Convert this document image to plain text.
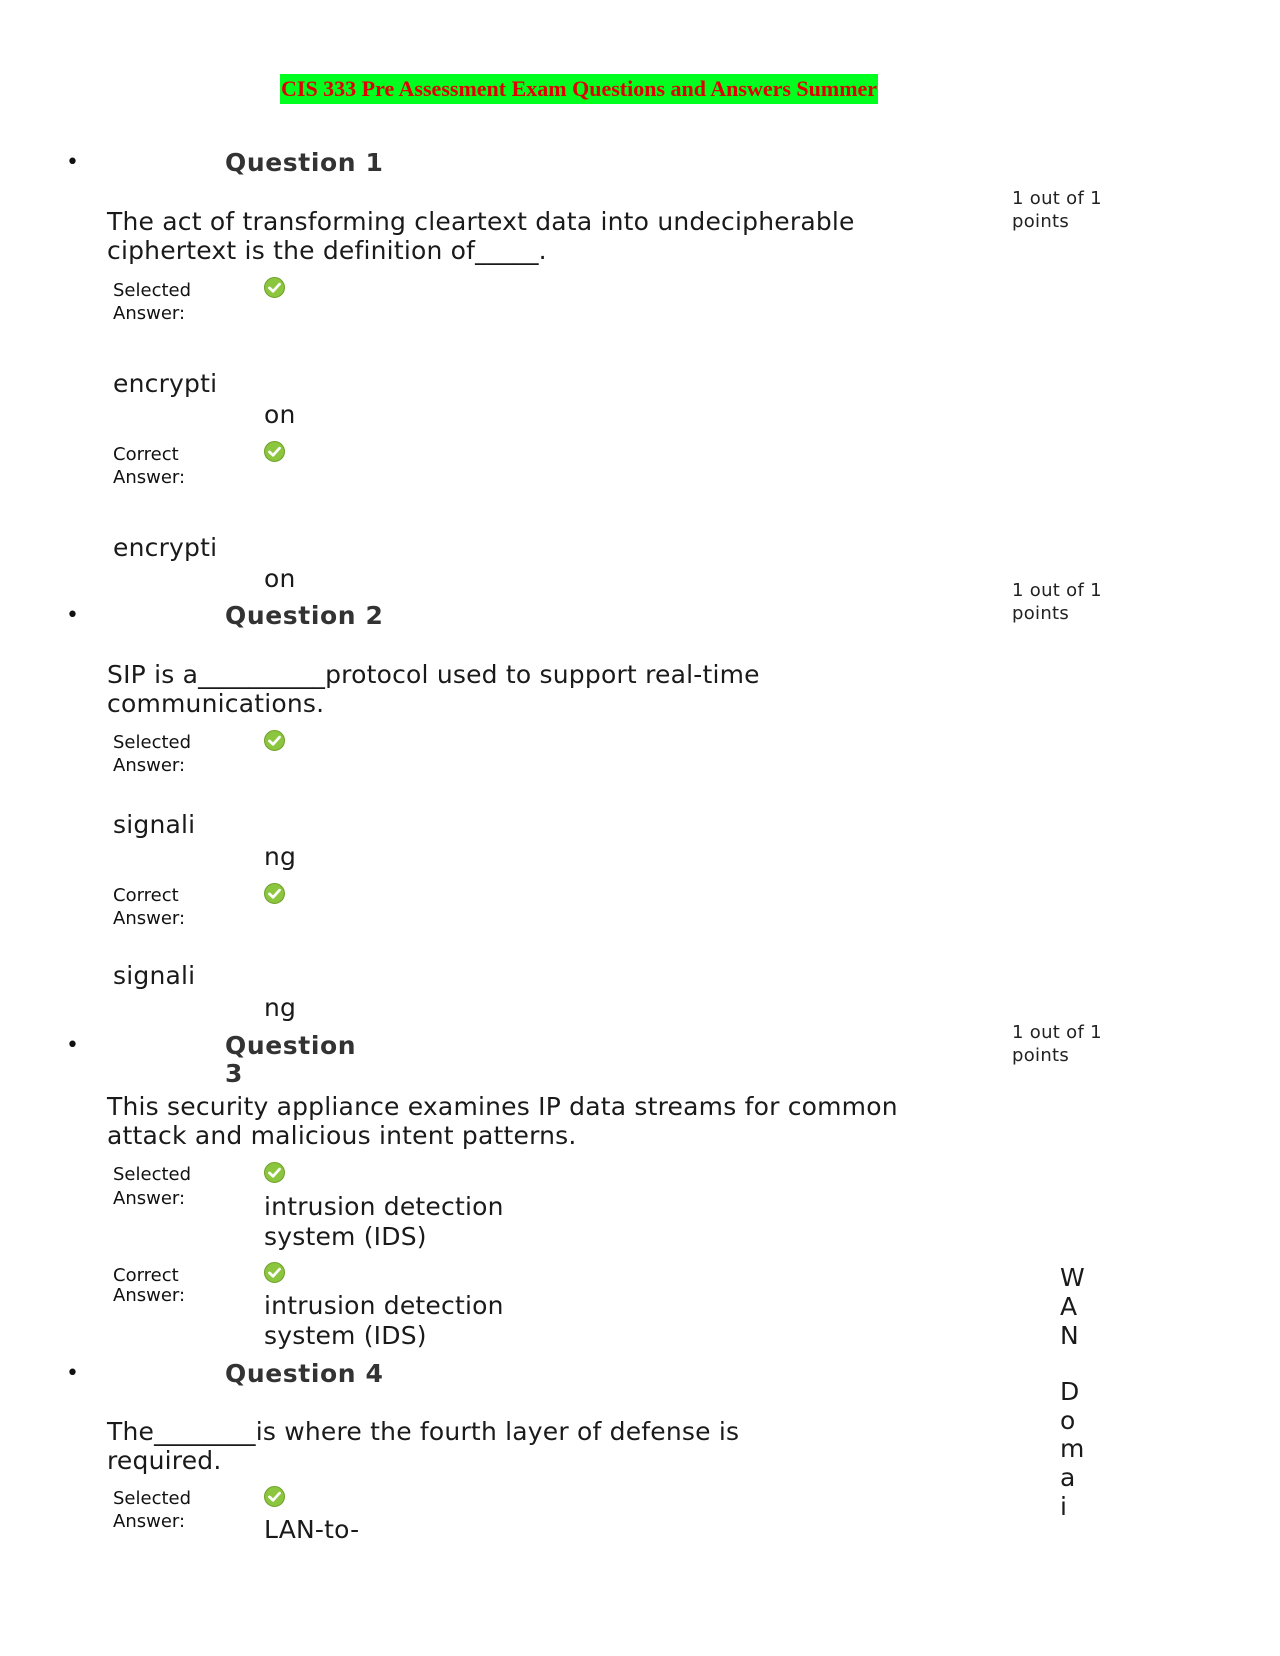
CIS 333 Pre Assessment Exam Questions and Answers Summer
•	Question 1
1 out of 1
points
The act of transforming cleartext data into undecipherable
ciphertext is the definition of_____.
Selected
Answer:
encrypti
on
Correct
Answer:
encrypti
on
•	Question 2
1 out of 1
points
SIP is a__________protocol used to support real-time
communications.
Selected
Answer:
signali
ng
Correct
Answer:
signali
ng
•	Question
3
1 out of 1
points
This security appliance examines IP data streams for common
attack and malicious intent patterns.
Selected
Answer:	intrusion detection
system (IDS)
Correct
Answer:	intrusion detection
system (IDS)
•	Question 4
The________is where the fourth layer of defense is
required.
Selected
Answer:	LAN-to-
W
A
N
D
o
m
a
i
